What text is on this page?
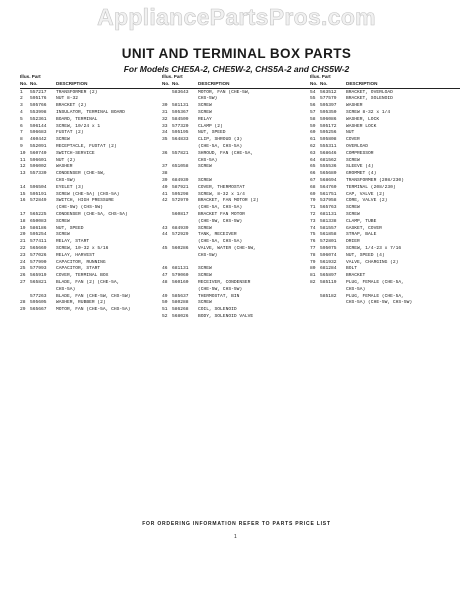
AppliancePartsPros.com
UNIT AND TERMINAL BOX PARTS
For Models CHE5A-2, CHE5W-2, CHS5A-2 and CHS5W-2
Illus. Part
No. No.	DESCRIPTION
1 557217 TRANSFORMER (2)
2 595176 NUT 8-32
3 595766 BRACKET (2)
4 553998 INSULATOR, TERMINAL BOARD
5 552361 BOARD, TERMINAL
6 596144 SCREW, 10/24 x 1
7 596683 FUSTAT (2)
8 460442 SCREW
9 552091 RECEPTACLE, FUSTAT (2)
10 560740 SWITCH-SERVICE
11 596601 NUT (2)
12 596002 WASHER
13 557330 CONDENSER (CHE-5W,
CHS-5W)
14 596504 EYELET (3)
15 595191 SCREW (CHE-5A) (CHS-5A)
16 572849 SWITCH, HIGH PRESSURE
(CHE-5W) (CHS-5W)
17 565225 CONDENSER (CHE-5A, CHS-5A)
18 650083 SCREW
19 586186 NUT, SPEED
20 595254 SCREW
21 577411 RELAY, START
22 565669 SCREW, 10-32 x 5/16
23 577026 RELAY, HARVEST
24 577990 CAPACITOR, RUNNING
25 577993 CAPACITOR, START
26 565919 COVER, TERMINAL BOX
27 565821 BLADE, FAN (2) (CHE-5A,
CHS-5A)
577263 BLADE, FAN (CHE-5W, CHS-5W)
28 595605 WASHER, RUBBER (2)
29 565667 MOTOR, FAN (CHE-5A, CHS-5A)
Illus. Part
No. No.	DESCRIPTION
583643 MOTOR, FAN (CHE-5W,
CHS-5W)
30 581131 SCREW
31 595367 SCREW
32 584509 RELAY
33 577320 CLAMP (2)
34 595195 NUT, SPEED
35 564833 CLIP, SHROUD (3)
(CHE-5A, CHS-5A)
36 557821 SHROUD, FAN (CHE-5A,
CHS-5A)
37 651058 SCREW
38
39 684939 SCREW
40 587921 COVER, THERMOSTAT
41 595298 SCREW, 8-32 x 1/4
42 572970 BRACKET, FAN MOTOR (2)
(CHE-5A, CHS-5A)
560817 BRACKET FAN MOTOR
(CHE-5W, CHS-5W)
43 684939 SCREW
44 572929 TANK, RECEIVER
(CHE-5A, CHS-5A)
45 560286 VALVE, WATER (CHE-5W,
CHS-5W)
46 681131 SCREW
47 579060 SCREW
48 560160 RECEIVER, CONDENSER
(CHE-5W, CHS-5W)
49 585637 THERMOSTAT, BIN
50 580288 SCREW
51 586268 COIL, SOLENOID
52 568026 BODY, SOLENOID VALVE
Illus. Part
No. No.	DESCRIPTION
54 563512 BRACKET, OVERLOAD
55 577579 BRACKET, SOLENOID
56 595397 WASHER
57 595350 SCREW 8-32 x 1/4
58 596086 WASHER, LOCK
59 595172 WASHER LOCK
60 595256 NUT
61 595808 COVER
62 555311 OVERLOAD
63 568646 COMPRESSOR
64 681562 SCREW
65 555536 SLEEVE (4)
66 565680 GROMMET (4)
67 568694 TRANSFORMER (208/230)
68 564760 TERMINAL (208/230)
69 561751 CAP, VALVE (2)
70 537958 CORE, VALVE (2)
71 565763 SCREW
72 681131 SCREW
73 581338 CLAMP, TUBE
74 581557 GASKET, COVER
75 561858 STRAP, BALE
76 572801 DRIER
77 595075 SCREW, 1/4-23 x 7/16
78 596074 NUT, SPEED (4)
79 561932 VALVE, CHARGING (2)
80 681284 BOLT
81 565897 BRACKET
82 585119 PLUG, FEMALE (CHE-5A,
CHS-5A)
585182 PLUG, FEMALE (CHE-5A,
CHS-5A) (CHE-5W, CHS-5W)
FOR ORDERING INFORMATION REFER TO PARTS PRICE LIST
1
